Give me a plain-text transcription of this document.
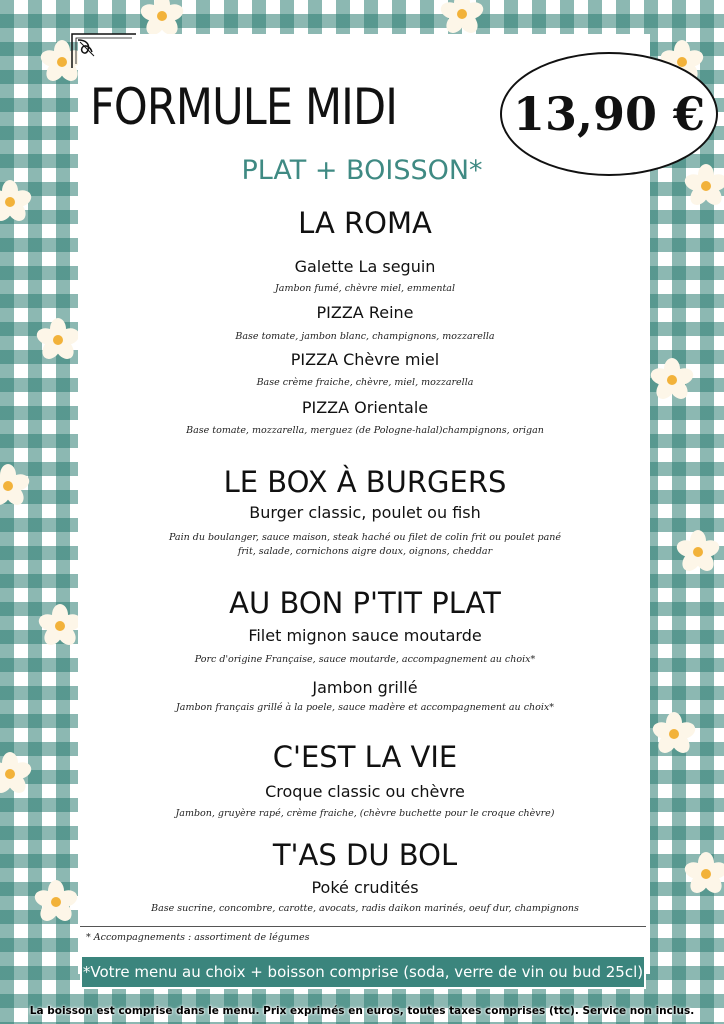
FORMULE MIDI	13,90 €
PLAT + BOISSON*
LA ROMA
Galette La seguin
Jambon fumé, chèvre miel, emmental
PIZZA Reine
Base tomate, jambon blanc, champignons, mozzarella
PIZZA Chèvre miel
Base crème fraiche, chèvre, miel, mozzarella
PIZZA Orientale
Base tomate, mozzarella, merguez (de Pologne-halal)champignons, origan
LE BOX À BURGERS
Burger classic, poulet ou fish
Pain du boulanger, sauce maison, steak haché ou filet de colin frit ou poulet pané
frit, salade, cornichons aigre doux, oignons, cheddar
AU BON P'TIT PLAT
Filet mignon sauce moutarde
Porc d'origine Française, sauce moutarde, accompagnement au choix*
Jambon grillé
Jambon français grillé à la poele, sauce madère et accompagnement au choix*
C'EST LA VIE
Croque classic ou chèvre
Jambon, gruyère rapé, crème fraiche, (chèvre buchette pour le croque chèvre)
T'AS DU BOL
Poké crudités
Base sucrine, concombre, carotte, avocats, radis daikon marinés, oeuf dur, champignons
* Accompagnements : assortiment de légumes
*Votre menu au choix + boisson comprise (soda, verre de vin ou bud 25cl)
La boisson est comprise dans le menu. Prix exprimés en euros, toutes taxes comprises (ttc). Service non inclus.
